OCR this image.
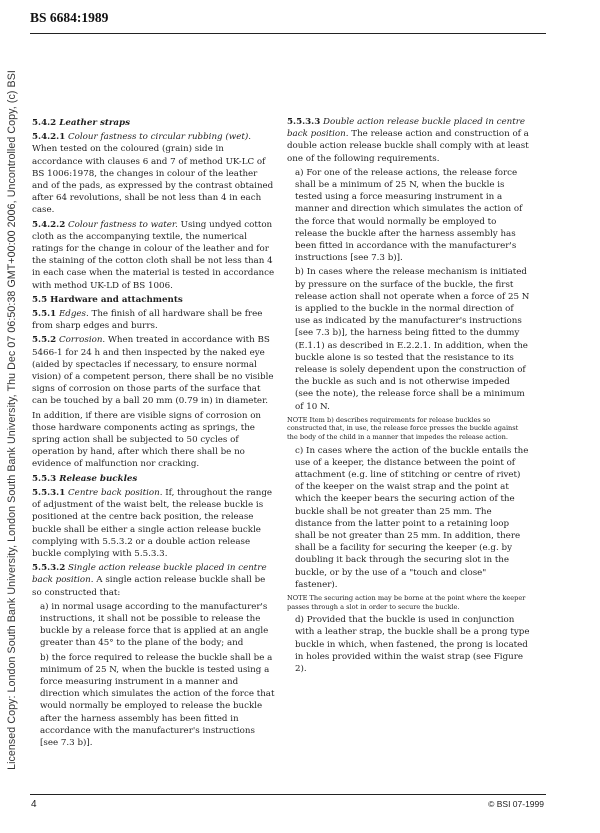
Licensed Copy: London South Bank University, London South Bank University, Thu Dec 07 06:50:38 GMT+00:00 2006, Uncontrolled Copy, (c) BSI
BS 6684:1989

5.4.2 Leather straps

5.4.2.1 Colour fastness to circular rubbing (wet). When tested on the coloured (grain) side in accordance with clauses 6 and 7 of method UK-LC of BS 1006:1978, the changes in colour of the leather and of the pads, as expressed by the contrast obtained after 64 revolutions, shall be not less than 4 in each case.

5.4.2.2 Colour fastness to water. Using undyed cotton cloth as the accompanying textile, the numerical ratings for the change in colour of the leather and for the staining of the cotton cloth shall be not less than 4 in each case when the material is tested in accordance with method UK-LD of BS 1006.

5.5 Hardware and attachments

5.5.1 Edges. The finish of all hardware shall be free from sharp edges and burrs.

5.5.2 Corrosion. When treated in accordance with BS 5466-1 for 24 h and then inspected by the naked eye (aided by spectacles if necessary, to ensure normal vision) of a competent person, there shall be no visible signs of corrosion on those parts of the surface that can be touched by a ball 20 mm (0.79 in) in diameter.

In addition, if there are visible signs of corrosion on those hardware components acting as springs, the spring action shall be subjected to 50 cycles of operation by hand, after which there shall be no evidence of malfunction nor cracking.

5.5.3 Release buckles

5.5.3.1 Centre back position. If, throughout the range of adjustment of the waist belt, the release buckle is positioned at the centre back position, the release buckle shall be either a single action release buckle complying with 5.5.3.2 or a double action release buckle complying with 5.5.3.3.

5.5.3.2 Single action release buckle placed in centre back position. A single action release buckle shall be so constructed that:

a) in normal usage according to the manufacturer's instructions, it shall not be possible to release the buckle by a release force that is applied at an angle greater than 45° to the plane of the body; and

b) the force required to release the buckle shall be a minimum of 25 N, when the buckle is tested using a force measuring instrument in a manner and direction which simulates the action of the force that would normally be employed to release the buckle after the harness assembly has been fitted in accordance with the manufacturer's instructions [see 7.3 b)].

5.5.3.3 Double action release buckle placed in centre back position. The release action and construction of a double action release buckle shall comply with at least one of the following requirements.

a) For one of the release actions, the release force shall be a minimum of 25 N, when the buckle is tested using a force measuring instrument in a manner and direction which simulates the action of the force that would normally be employed to release the buckle after the harness assembly has been fitted in accordance with the manufacturer's instructions [see 7.3 b)].

b) In cases where the release mechanism is initiated by pressure on the surface of the buckle, the first release action shall not operate when a force of 25 N is applied to the buckle in the normal direction of use as indicated by the manufacturer's instructions [see 7.3 b)], the harness being fitted to the dummy (E.1.1) as described in E.2.2.1. In addition, when the buckle alone is so tested that the resistance to its release is solely dependent upon the construction of the buckle as such and is not otherwise impeded (see the note), the release force shall be a minimum of 10 N.

NOTE Item b) describes requirements for release buckles so constructed that, in use, the release force presses the buckle against the body of the child in a manner that impedes the release action.

c) In cases where the action of the buckle entails the use of a keeper, the distance between the point of attachment (e.g. line of stitching or centre of rivet) of the keeper on the waist strap and the point at which the keeper bears the securing action of the buckle shall be not greater than 25 mm. The distance from the latter point to a retaining loop shall be not greater than 25 mm. In addition, there shall be a facility for securing the keeper (e.g. by doubling it back through the securing slot in the buckle, or by the use of a "touch and close" fastener).

NOTE The securing action may be borne at the point where the keeper passes through a slot in order to secure the buckle.

d) Provided that the buckle is used in conjunction with a leather strap, the buckle shall be a prong type buckle in which, when fastened, the prong is located in holes provided within the waist strap (see Figure 2).

4	© BSI 07-1999
